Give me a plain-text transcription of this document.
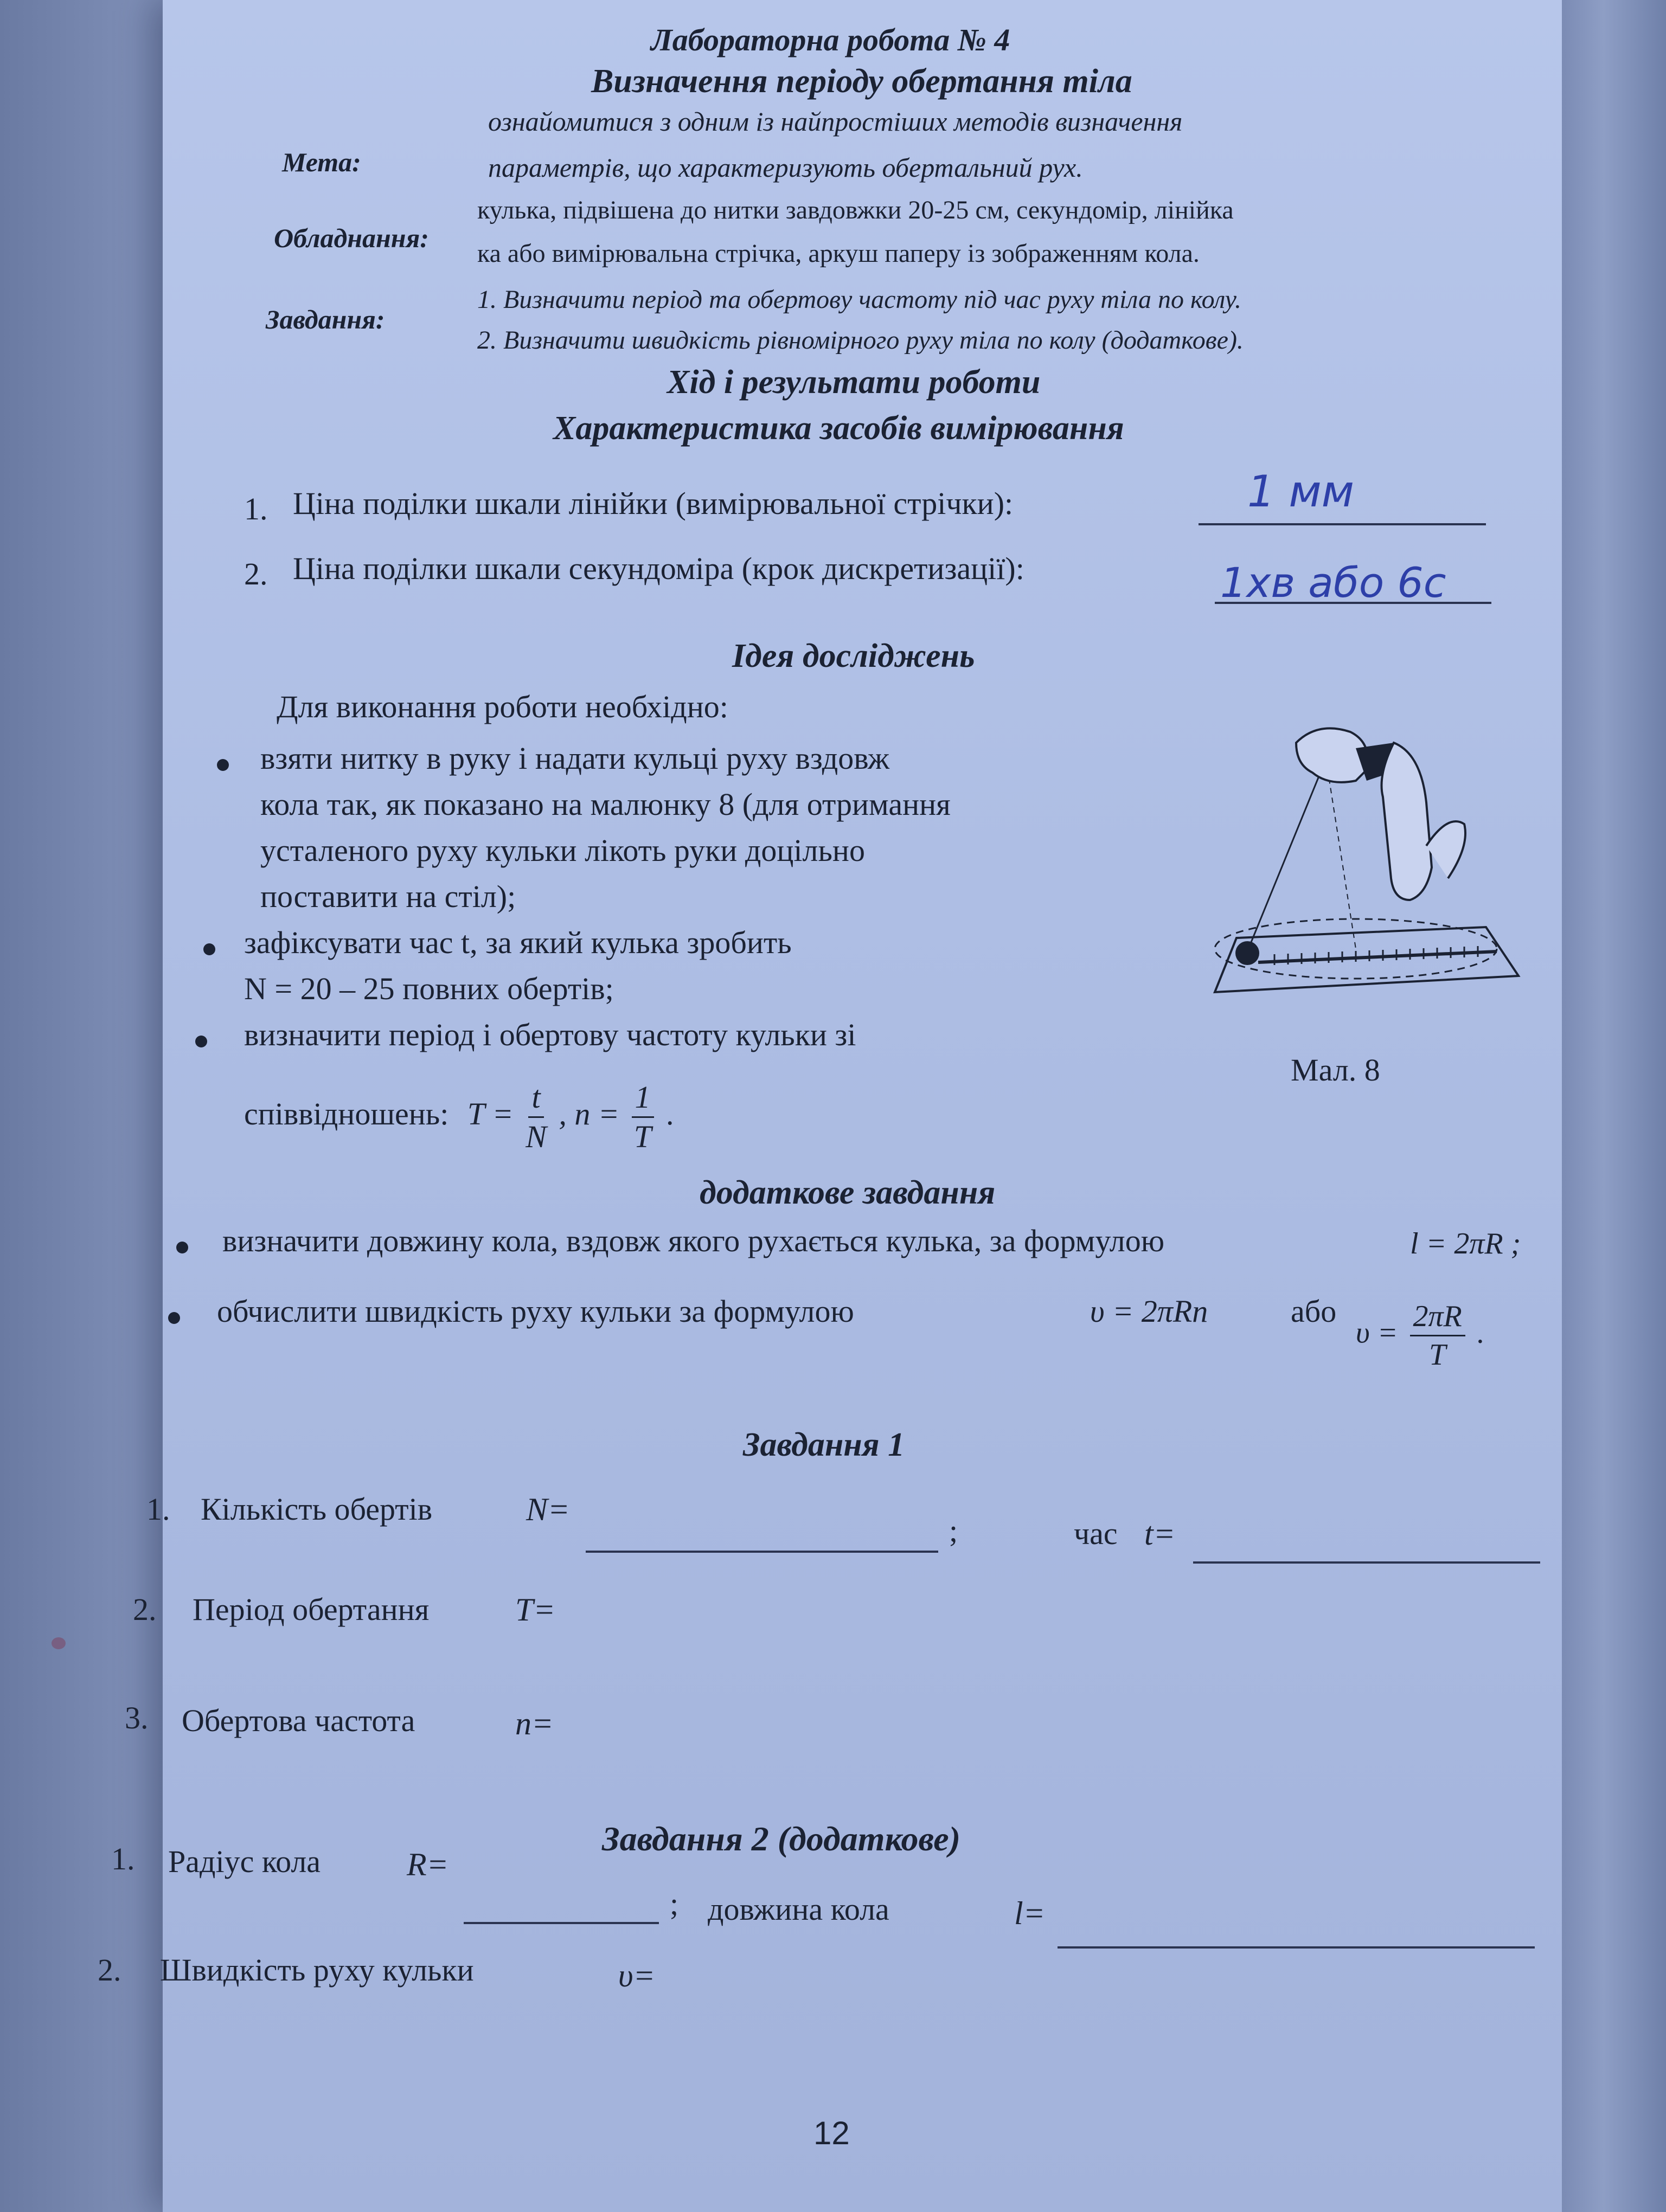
Лабораторна робота № 4
Визначення періоду обертання тіла
Мета:
ознайомитися з одним із найпростіших методів визначення
параметрів, що характеризують обертальний рух.
Обладнання:
кулька, підвішена до нитки завдовжки 20-25 см, секундомір, лінійка
ка або вимірювальна стрічка, аркуш паперу із зображенням кола.
Завдання:
1. Визначити період та обертову частоту під час руху тіла по колу.
2. Визначити швидкість рівномірного руху тіла по колу (додаткове).
Хід і результати роботи
Характеристика засобів вимірювання
1. Ціна поділки шкали лінійки (вимірювальної стрічки):	1 мм
2. Ціна поділки шкали секундоміра (крок дискретизації):	1хв або 6с
Ідея досліджень
Для виконання роботи необхідно:
взяти нитку в руку і надати кульці руху вздовж
кола так, як показано на малюнку 8 (для отримання
усталеного руху кульки лікоть руки доцільно
поставити на стіл);
зафіксувати час t, за який кулька зробить
N = 20 – 25 повних обертів;
визначити період і обертову частоту кульки зі
співвідношень: $T = \frac{t}{N}$ , $n = \frac{1}{T}$ .
Мал. 8
додаткове завдання
визначити довжину кола, вздовж якого рухається кулька, за формулою	l = 2πR ;
обчислити швидкість руху кульки за формулою	υ = 2πRn	або
$\upsilon = \frac{2\pi R}{T}$ .
Завдання 1
1. Кількість обертів	N=
;	час t=
2. Період обертання	T=
3. Обертова частота	n=
Завдання 2 (додаткове)
1. Радіус кола	R=
; довжина кола	l=
2. Швидкість руху кульки	υ=
12
